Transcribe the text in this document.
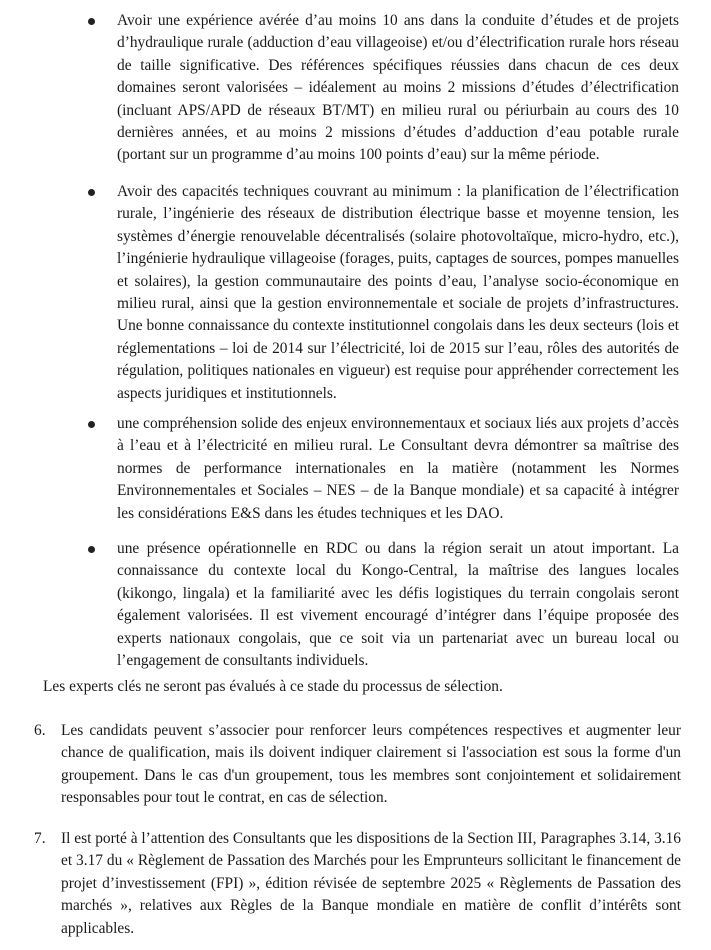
Avoir une expérience avérée d’au moins 10 ans dans la conduite d’études et de projets d’hydraulique rurale (adduction d’eau villageoise) et/ou d’électrification rurale hors réseau de taille significative. Des références spécifiques réussies dans chacun de ces deux domaines seront valorisées – idéalement au moins 2 missions d’études d’électrification (incluant APS/APD de réseaux BT/MT) en milieu rural ou périurbain au cours des 10 dernières années, et au moins 2 missions d’études d’adduction d’eau potable rurale (portant sur un programme d’au moins 100 points d’eau) sur la même période.
Avoir des capacités techniques couvrant au minimum : la planification de l’électrification rurale, l’ingénierie des réseaux de distribution électrique basse et moyenne tension, les systèmes d’énergie renouvelable décentralisés (solaire photovoltaïque, micro-hydro, etc.), l’ingénierie hydraulique villageoise (forages, puits, captages de sources, pompes manuelles et solaires), la gestion communautaire des points d’eau, l’analyse socio-économique en milieu rural, ainsi que la gestion environnementale et sociale de projets d’infrastructures. Une bonne connaissance du contexte institutionnel congolais dans les deux secteurs (lois et réglementations – loi de 2014 sur l’électricité, loi de 2015 sur l’eau, rôles des autorités de régulation, politiques nationales en vigueur) est requise pour appréhender correctement les aspects juridiques et institutionnels.
une compréhension solide des enjeux environnementaux et sociaux liés aux projets d’accès à l’eau et à l’électricité en milieu rural. Le Consultant devra démontrer sa maîtrise des normes de performance internationales en la matière (notamment les Normes Environnementales et Sociales – NES – de la Banque mondiale) et sa capacité à intégrer les considérations E&S dans les études techniques et les DAO.
une présence opérationnelle en RDC ou dans la région serait un atout important. La connaissance du contexte local du Kongo-Central, la maîtrise des langues locales (kikongo, lingala) et la familiarité avec les défis logistiques du terrain congolais seront également valorisées. Il est vivement encouragé d’intégrer dans l’équipe proposée des experts nationaux congolais, que ce soit via un partenariat avec un bureau local ou l’engagement de consultants individuels.
Les experts clés ne seront pas évalués à ce stade du processus de sélection.
6. Les candidats peuvent s’associer pour renforcer leurs compétences respectives et augmenter leur chance de qualification, mais ils doivent indiquer clairement si l'association est sous la forme d'un groupement. Dans le cas d'un groupement, tous les membres sont conjointement et solidairement responsables pour tout le contrat, en cas de sélection.
7. Il est porté à l’attention des Consultants que les dispositions de la Section III, Paragraphes 3.14, 3.16 et 3.17 du « Règlement de Passation des Marchés pour les Emprunteurs sollicitant le financement de projet d’investissement (FPI) », édition révisée de septembre 2025 « Règlements de Passation des marchés », relatives aux Règles de la Banque mondiale en matière de conflit d’intérêts sont applicables.
